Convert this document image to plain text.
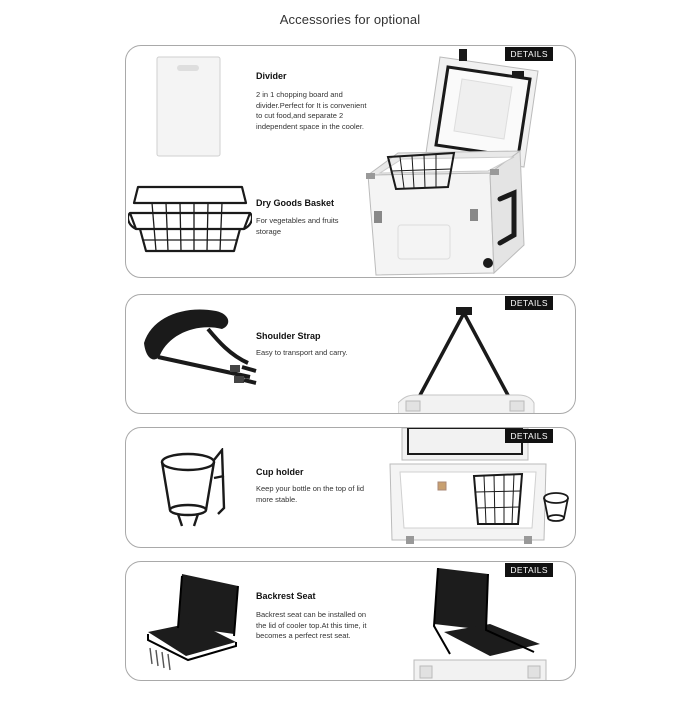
Accessories for optional
DETAILS
Divider
2 in 1 chopping board and divider.Perfect for It is convenient to cut food,and separate 2 independent space in the cooler.
Dry Goods Basket
For vegetables and fruits storage
DETAILS
Shoulder Strap
Easy to transport and carry.
DETAILS
Cup holder
Keep your bottle on the top of lid more stable.
DETAILS
Backrest Seat
Backrest seat can be installed on the lid of cooler top.At this time, it becomes a perfect rest seat.
